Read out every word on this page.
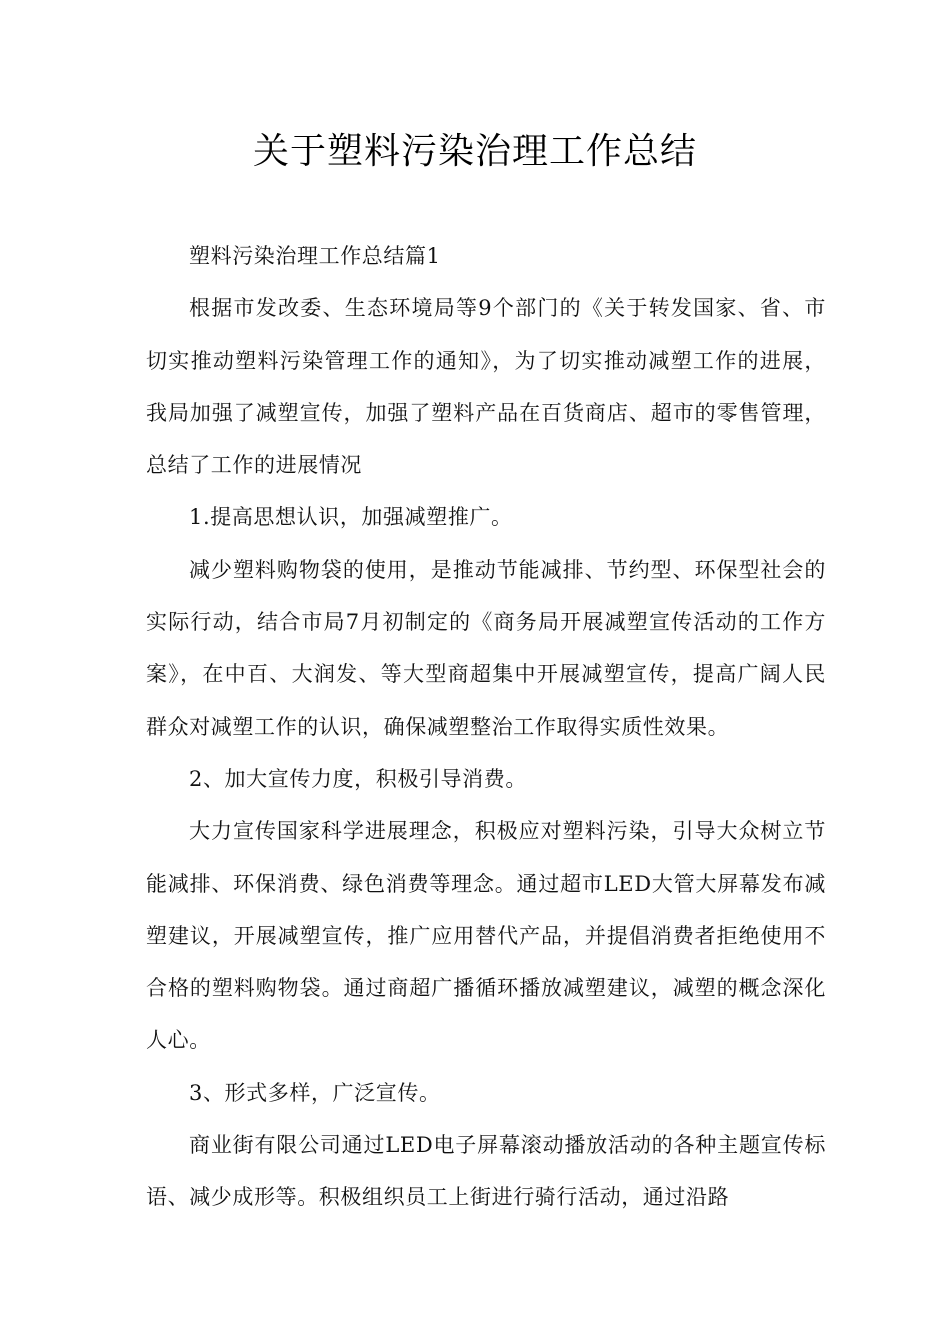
关于塑料污染治理工作总结

塑料污染治理工作总结篇1

根据市发改委、生态环境局等9个部门的《关于转发国家、省、市切实推动塑料污染管理工作的通知》，为了切实推动减塑工作的进展，我局加强了减塑宣传，加强了塑料产品在百货商店、超市的零售管理，总结了工作的进展情况

1.提高思想认识，加强减塑推广。

减少塑料购物袋的使用，是推动节能减排、节约型、环保型社会的实际行动，结合市局7月初制定的《商务局开展减塑宣传活动的工作方案》，在中百、大润发、等大型商超集中开展减塑宣传，提高广阔人民群众对减塑工作的认识，确保减塑整治工作取得实质性效果。

2、加大宣传力度，积极引导消费。

大力宣传国家科学进展理念，积极应对塑料污染，引导大众树立节能减排、环保消费、绿色消费等理念。通过超市LED大管大屏幕发布减塑建议，开展减塑宣传，推广应用替代产品，并提倡消费者拒绝使用不合格的塑料购物袋。通过商超广播循环播放减塑建议，减塑的概念深化人心。

3、形式多样，广泛宣传。

商业街有限公司通过LED电子屏幕滚动播放活动的各种主题宣传标语、减少成形等。积极组织员工上街进行骑行活动，通过沿路
